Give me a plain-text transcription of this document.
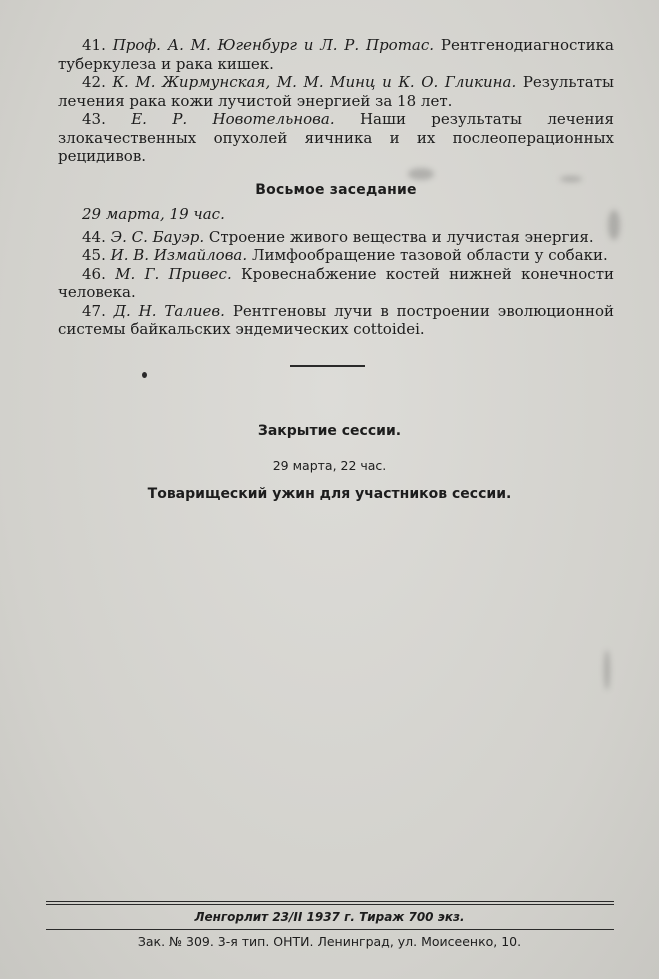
41. Проф. А. М. Югенбург и Л. Р. Протас. Рентгенодиагностика туберкулеза и рака кишек.

42. К. М. Жирмунская, М. М. Минц и К. О. Гликина. Результаты лечения рака кожи лучистой энергией за 18 лет.

43. Е. Р. Новотельнова. Наши результаты лечения злокачественных опухолей яичника и их послеоперационных рецидивов.

Восьмое заседание

29 марта, 19 час.

44. Э. С. Бауэр. Строение живого вещества и лучистая энергия.

45. И. В. Измайлова. Лимфообращение тазовой области у собаки.

46. М. Г. Привес. Кровеснабжение костей нижней конечности человека.

47. Д. Н. Талиев. Рентгеновы лучи в построении эволюционной системы байкальских эндемических cottoidei.

Закрытие сессии.
29 марта, 22 час.
Товарищеский ужин для участников сессии.
Ленгорлит 23/II 1937 г. Тираж 700 экз.
Зак. № 309. 3-я тип. ОНТИ. Ленинград, ул. Моисеенко, 10.
